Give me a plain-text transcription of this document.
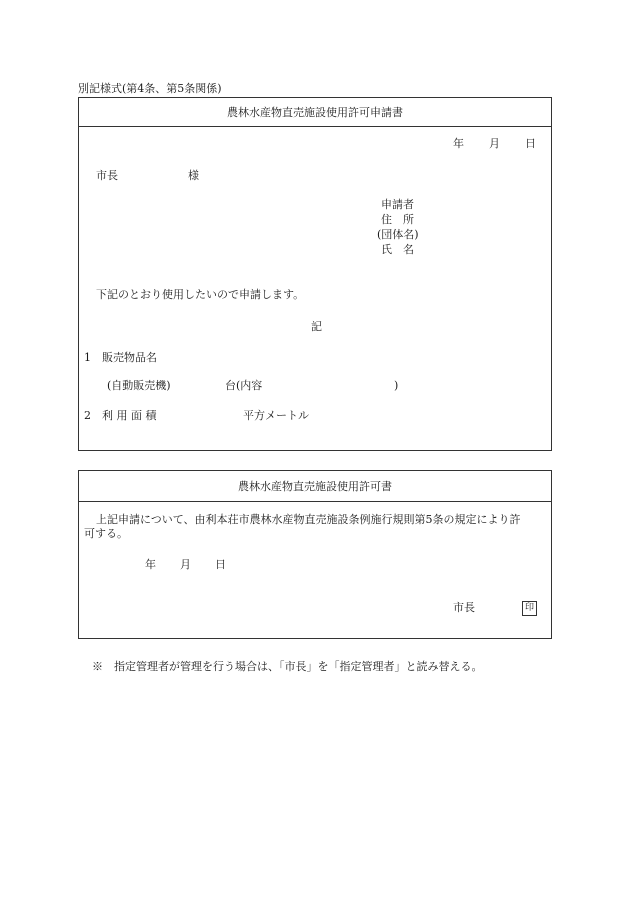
別記様式(第4条、第5条関係)
農林水産物直売施設使用許可申請書
年 月 日
市長	様
申請者
住　所
(団体名)
氏　名
下記のとおり使用したいので申請します。
記
1　販売物品名
(自動販売機)	台(内容	)
2　利 用 面 積	平方メートル
農林水産物直売施設使用許可書
上記申請について、由利本荘市農林水産物直売施設条例施行規則第5条の規定により許
可する。
年 月 日
市長	印
※　指定管理者が管理を行う場合は、「市長」を「指定管理者」と読み替える。
